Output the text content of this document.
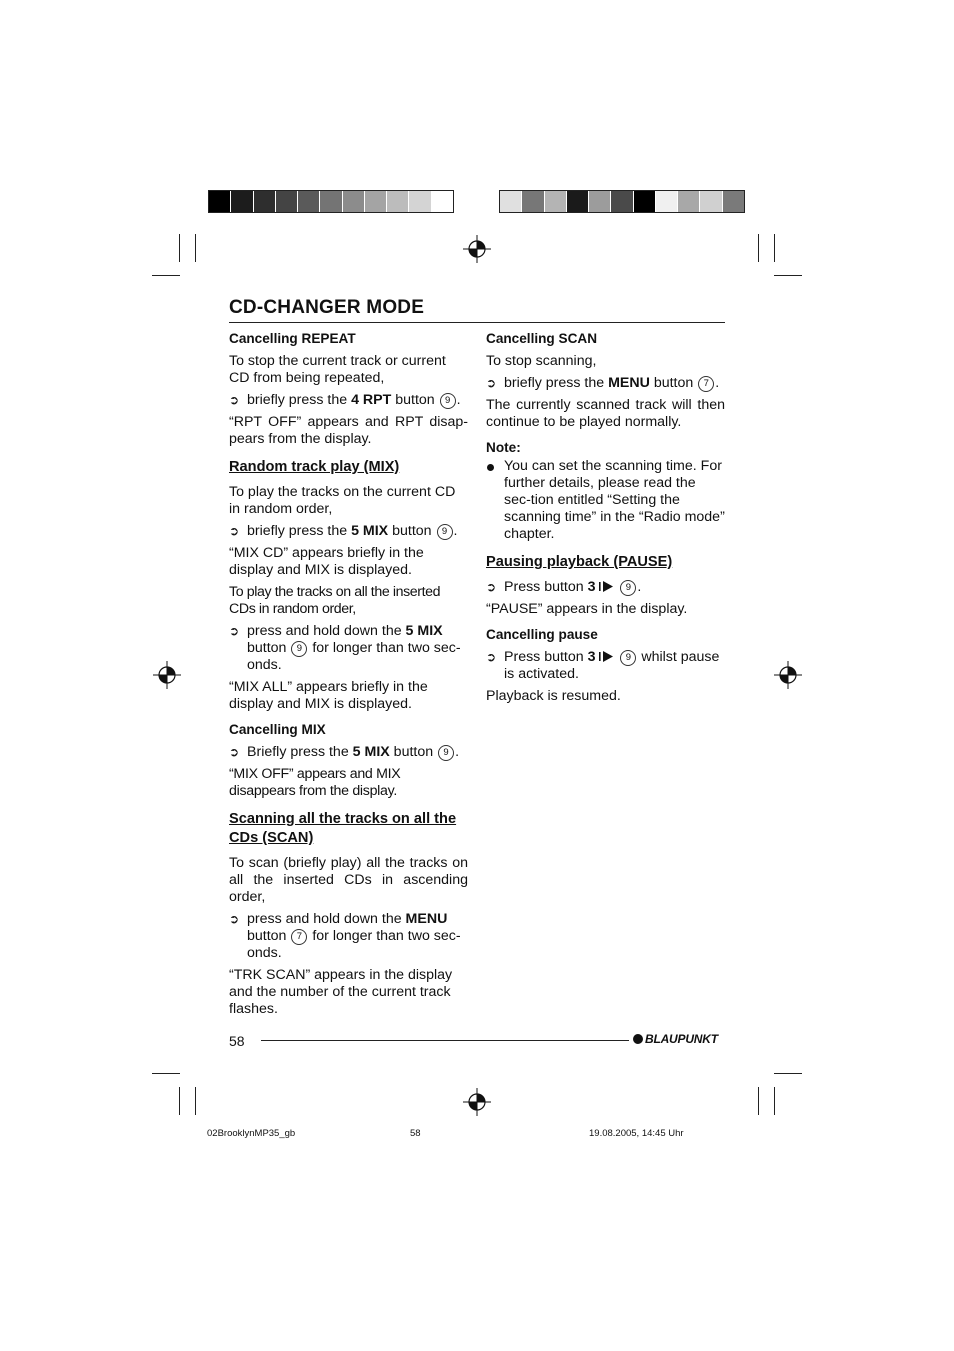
CD-CHANGER MODE

Cancelling REPEAT

To stop the current track or current CD from being repeated,

➲ briefly press the 4 RPT button 9 .

“RPT OFF” appears and RPT disap-pears from the display.

Random track play (MIX)

To play the tracks on the current CD in random order,

➲ briefly press the 5 MIX button 9 .

“MIX CD” appears briefly in the display and MIX is displayed.

To play the tracks on all the inserted CDs in random order,

➲ press and hold down the 5 MIX button 9 for longer than two sec-onds.

“MIX ALL” appears briefly in the display and MIX is displayed.

Cancelling MIX

➲ Briefly press the 5 MIX button 9 .

“MIX OFF” appears and MIX disappears from the display.

Scanning all the tracks on all the CDs (SCAN)

To scan (briefly play) all the tracks on all the inserted CDs in ascending order,

➲ press and hold down the MENU button 7 for longer than two sec-onds.

“TRK SCAN” appears in the display and the number of the current track flashes.

Cancelling SCAN

To stop scanning,

➲ briefly press the MENU button 7 .

The currently scanned track will then continue to be played normally.

Note:

You can set the scanning time. For further details, please read the sec-tion entitled “Setting the scanning time” in the “Radio mode” chapter.

Pausing playback (PAUSE)

➲ Press button 3	9 .

“PAUSE” appears in the display.

Cancelling pause

➲ Press button 3	9 whilst pause is activated.

Playback is resumed.

58	BLAUPUNKT
02BrooklynMP35_gb	58	19.08.2005, 14:45 Uhr
